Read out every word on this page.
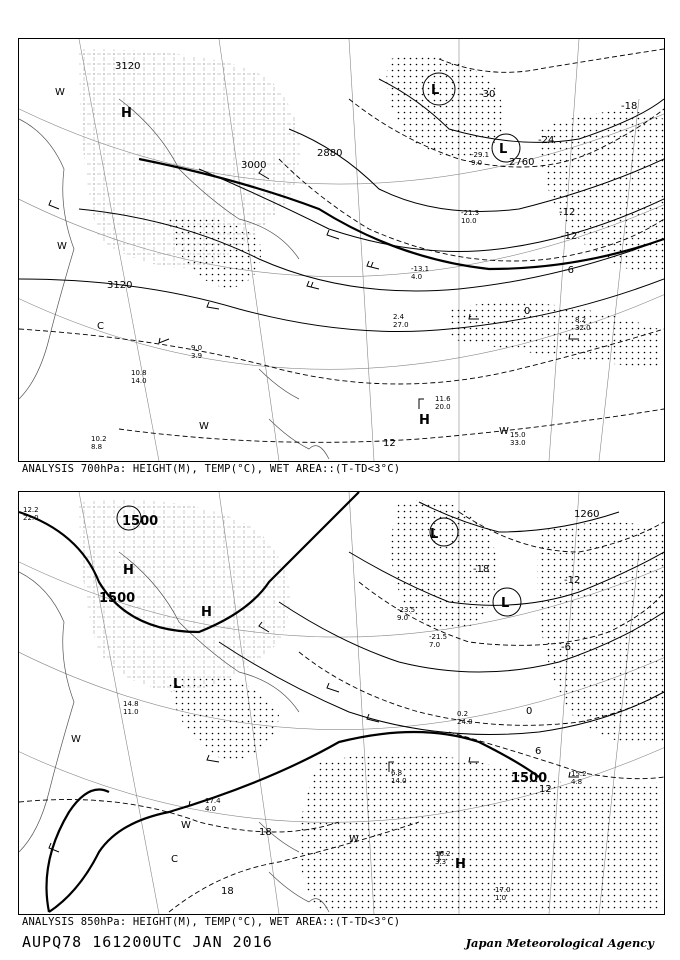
3120
3000
2880
2760
3120
-30
-24
-18
-12
-12
-6
0
12
H
L
L
H
W
W
C
W	W
11.6
20.0
15.0
33.0
2.4
27.0
8.2
32.0
10.8
14.0
9.0
3.9
10.2
8.8
-13.1
4.0
-21.3
10.0
-29.1
9.0
ANALYSIS 700hPa: HEIGHT(M), TEMP(°C), WET AREA::(T-TD<3°C)
1500
1500
1500
1260
-18
-12
-6
0
6
12
18
18
H
H
L
L
L
C	H
W
W
W
16.2
3.3
17.0
1.0
15.2
4.8
6.8
14.0
17.4
4.0
12.2
22.0
14.8
11.0	0.2
24.0
-23.5
9.0
-21.5
7.0
ANALYSIS 850hPa: HEIGHT(M), TEMP(°C), WET AREA::(T-TD<3°C)
AUPQ78 161200UTC JAN 2016	Japan Meteorological Agency
